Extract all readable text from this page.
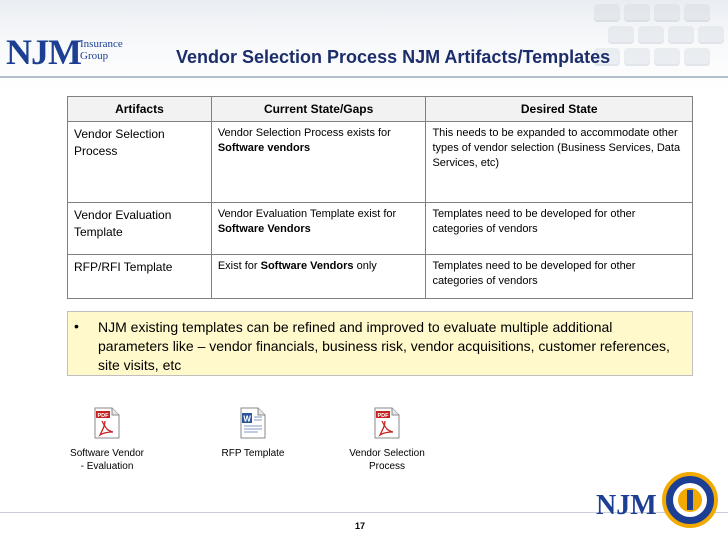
NJM Insurance
Group	Vendor Selection Process NJM Artifacts/Templates
Artifacts	Current State/Gaps	Desired State
Vendor Selection Process	Vendor Selection Process exists for Software vendors	This needs to be expanded to accommodate other types of vendor selection (Business Services, Data Services, etc)
Vendor Evaluation Template	Vendor Evaluation Template exist for Software Vendors	Templates need to be developed for other categories of vendors
RFP/RFI Template	Exist for Software Vendors only	Templates need to be developed for other categories of vendors
• NJM existing templates can be refined and improved to evaluate multiple additional parameters like – vendor financials, business risk, vendor acquisitions, customer references, site visits, etc
PDF
Software Vendor
- Evaluation
W
RFP Template
PDF
Vendor Selection
Process
17
NJM
